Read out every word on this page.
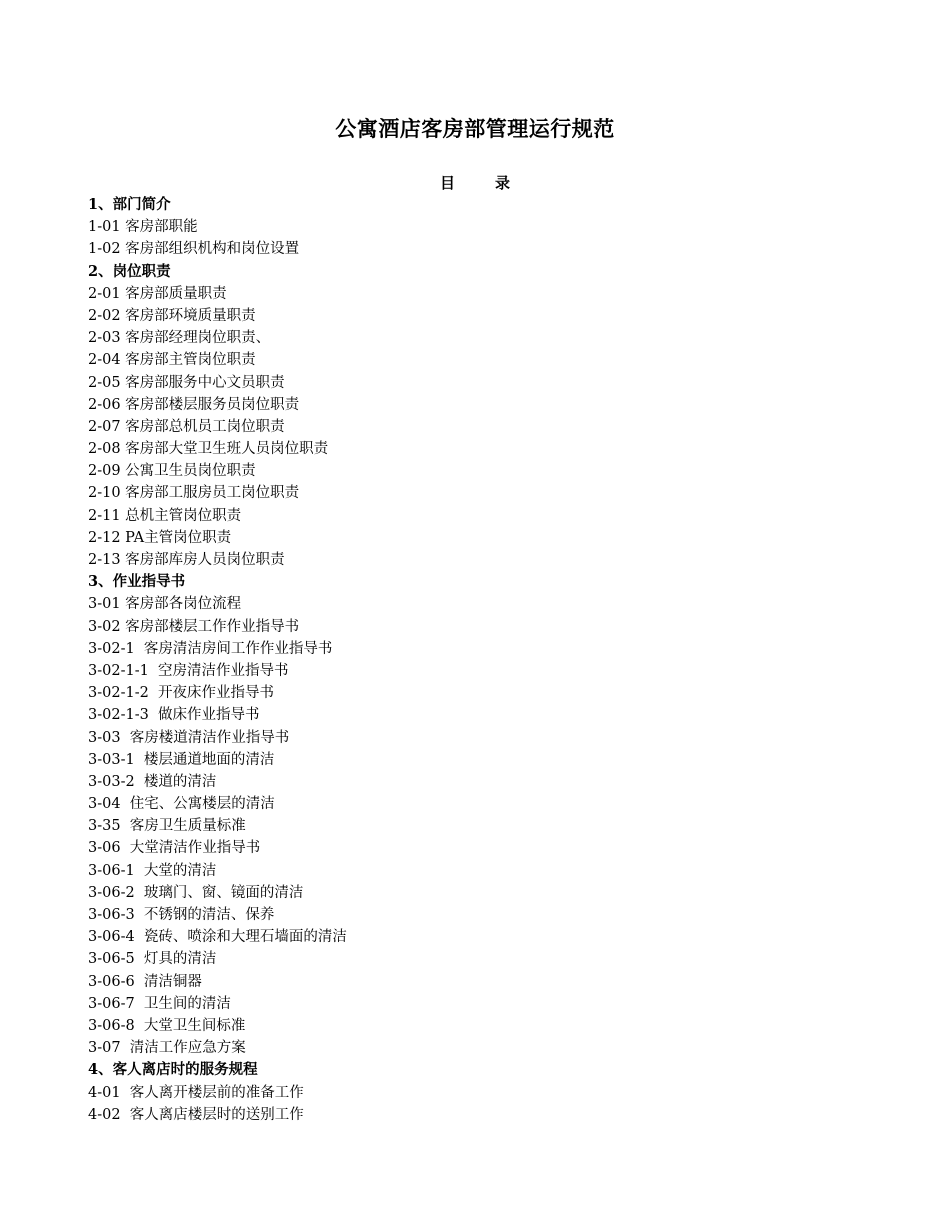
公寓酒店客房部管理运行规范
目	录
1、部门简介
1-01 客房部职能
1-02 客房部组织机构和岗位设置
2、岗位职责
2-01 客房部质量职责
2-02 客房部环境质量职责
2-03 客房部经理岗位职责、
2-04 客房部主管岗位职责
2-05 客房部服务中心文员职责
2-06 客房部楼层服务员岗位职责
2-07 客房部总机员工岗位职责
2-08 客房部大堂卫生班人员岗位职责
2-09 公寓卫生员岗位职责
2-10 客房部工服房员工岗位职责
2-11 总机主管岗位职责
2-12 PA主管岗位职责
2-13 客房部库房人员岗位职责
3、作业指导书
3-01 客房部各岗位流程
3-02 客房部楼层工作作业指导书
3-02-1  客房清洁房间工作作业指导书
3-02-1-1  空房清洁作业指导书
3-02-1-2  开夜床作业指导书
3-02-1-3  做床作业指导书
3-03  客房楼道清洁作业指导书
3-03-1  楼层通道地面的清洁
3-03-2  楼道的清洁
3-04  住宅、公寓楼层的清洁
3-35  客房卫生质量标准
3-06  大堂清洁作业指导书
3-06-1  大堂的清洁
3-06-2  玻璃门、窗、镜面的清洁
3-06-3  不锈钢的清洁、保养
3-06-4  瓷砖、喷涂和大理石墙面的清洁
3-06-5  灯具的清洁
3-06-6  清洁铜器
3-06-7  卫生间的清洁
3-06-8  大堂卫生间标准
3-07  清洁工作应急方案
4、客人离店时的服务规程
4-01  客人离开楼层前的准备工作
4-02  客人离店楼层时的送别工作
